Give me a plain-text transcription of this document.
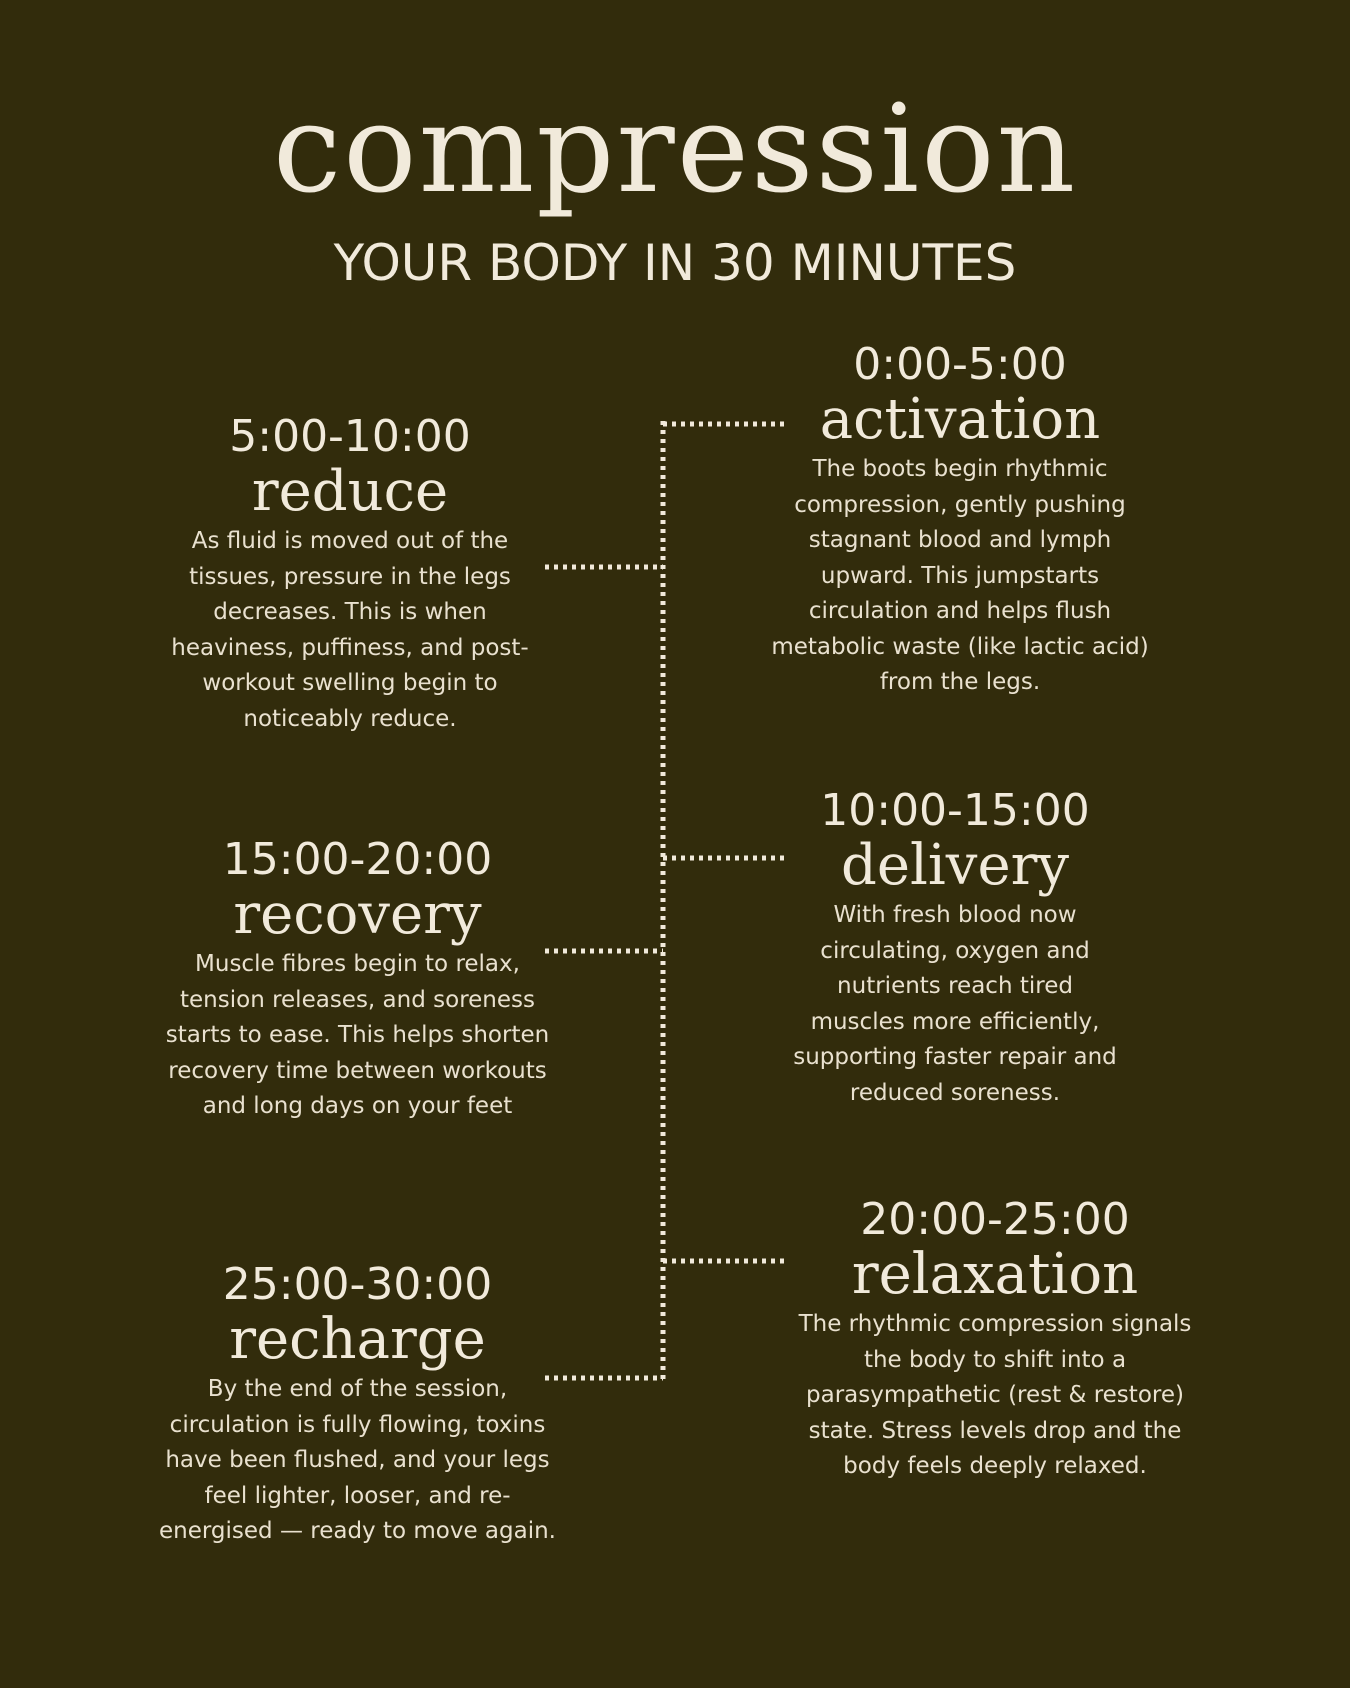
compression
YOUR BODY IN 30 MINUTES
0:00-5:00
activation
The boots begin rhythmic compression, gently pushing stagnant blood and lymph upward. This jumpstarts circulation and helps flush metabolic waste (like lactic acid) from the legs.
5:00-10:00
reduce
As fluid is moved out of the tissues, pressure in the legs decreases. This is when heaviness, puffiness, and post-workout swelling begin to noticeably reduce.
10:00-15:00
delivery
With fresh blood now circulating, oxygen and nutrients reach tired muscles more efficiently, supporting faster repair and reduced soreness.
15:00-20:00
recovery
Muscle fibres begin to relax, tension releases, and soreness starts to ease. This helps shorten recovery time between workouts and long days on your feet
20:00-25:00
relaxation
The rhythmic compression signals the body to shift into a parasympathetic (rest & restore) state. Stress levels drop and the body feels deeply relaxed.
25:00-30:00
recharge
By the end of the session, circulation is fully flowing, toxins have been flushed, and your legs feel lighter, looser, and re-energised — ready to move again.
